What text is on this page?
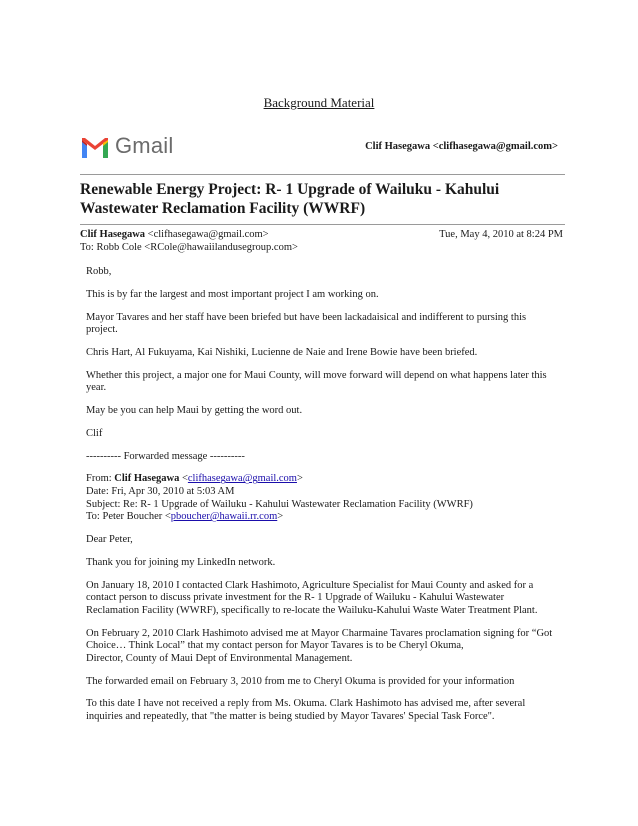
Background Material
Gmail	Clif Hasegawa <clifhasegawa@gmail.com>
Renewable Energy Project: R- 1 Upgrade of Wailuku - Kahului Wastewater Reclamation Facility (WWRF)
Clif Hasegawa <clifhasegawa@gmail.com>	Tue, May 4, 2010 at 8:24 PM
To: Robb Cole <RCole@hawaiilandusegroup.com>

Robb,

This is by far the largest and most important project I am working on.

Mayor Tavares and her staff have been briefed but have been lackadaisical and indifferent to pursing this project.

Chris Hart, Al Fukuyama, Kai Nishiki, Lucienne de Naie and Irene Bowie have been briefed.

Whether this project, a major one for Maui County, will move forward will depend on what happens later this year.

May be you can help Maui by getting the word out.

Clif

---------- Forwarded message ----------

From: Clif Hasegawa <clifhasegawa@gmail.com>
Date: Fri, Apr 30, 2010 at 5:03 AM
Subject: Re: R- 1 Upgrade of Wailuku - Kahului Wastewater Reclamation Facility (WWRF)
To: Peter Boucher <pboucher@hawaii.rr.com>

Dear Peter,

Thank you for joining my LinkedIn network.

On January 18, 2010 I contacted Clark Hashimoto, Agriculture Specialist for Maui County and asked for a contact person to discuss private investment for the R- 1 Upgrade of Wailuku - Kahului Wastewater Reclamation Facility (WWRF), specifically to re-locate the Wailuku-Kahului Waste Water Treatment Plant.

On February 2, 2010 Clark Hashimoto advised me at Mayor Charmaine Tavares proclamation signing for “Got Choice… Think Local” that my contact person for Mayor Tavares is to be Cheryl Okuma,
Director, County of Maui Dept of Environmental Management.

The forwarded email on February 3, 2010 from me to Cheryl Okuma is provided for your information

To this date I have not received a reply from Ms. Okuma. Clark Hashimoto has advised me, after several inquiries and repeatedly, that "the matter is being studied by Mayor Tavares' Special Task Force".
